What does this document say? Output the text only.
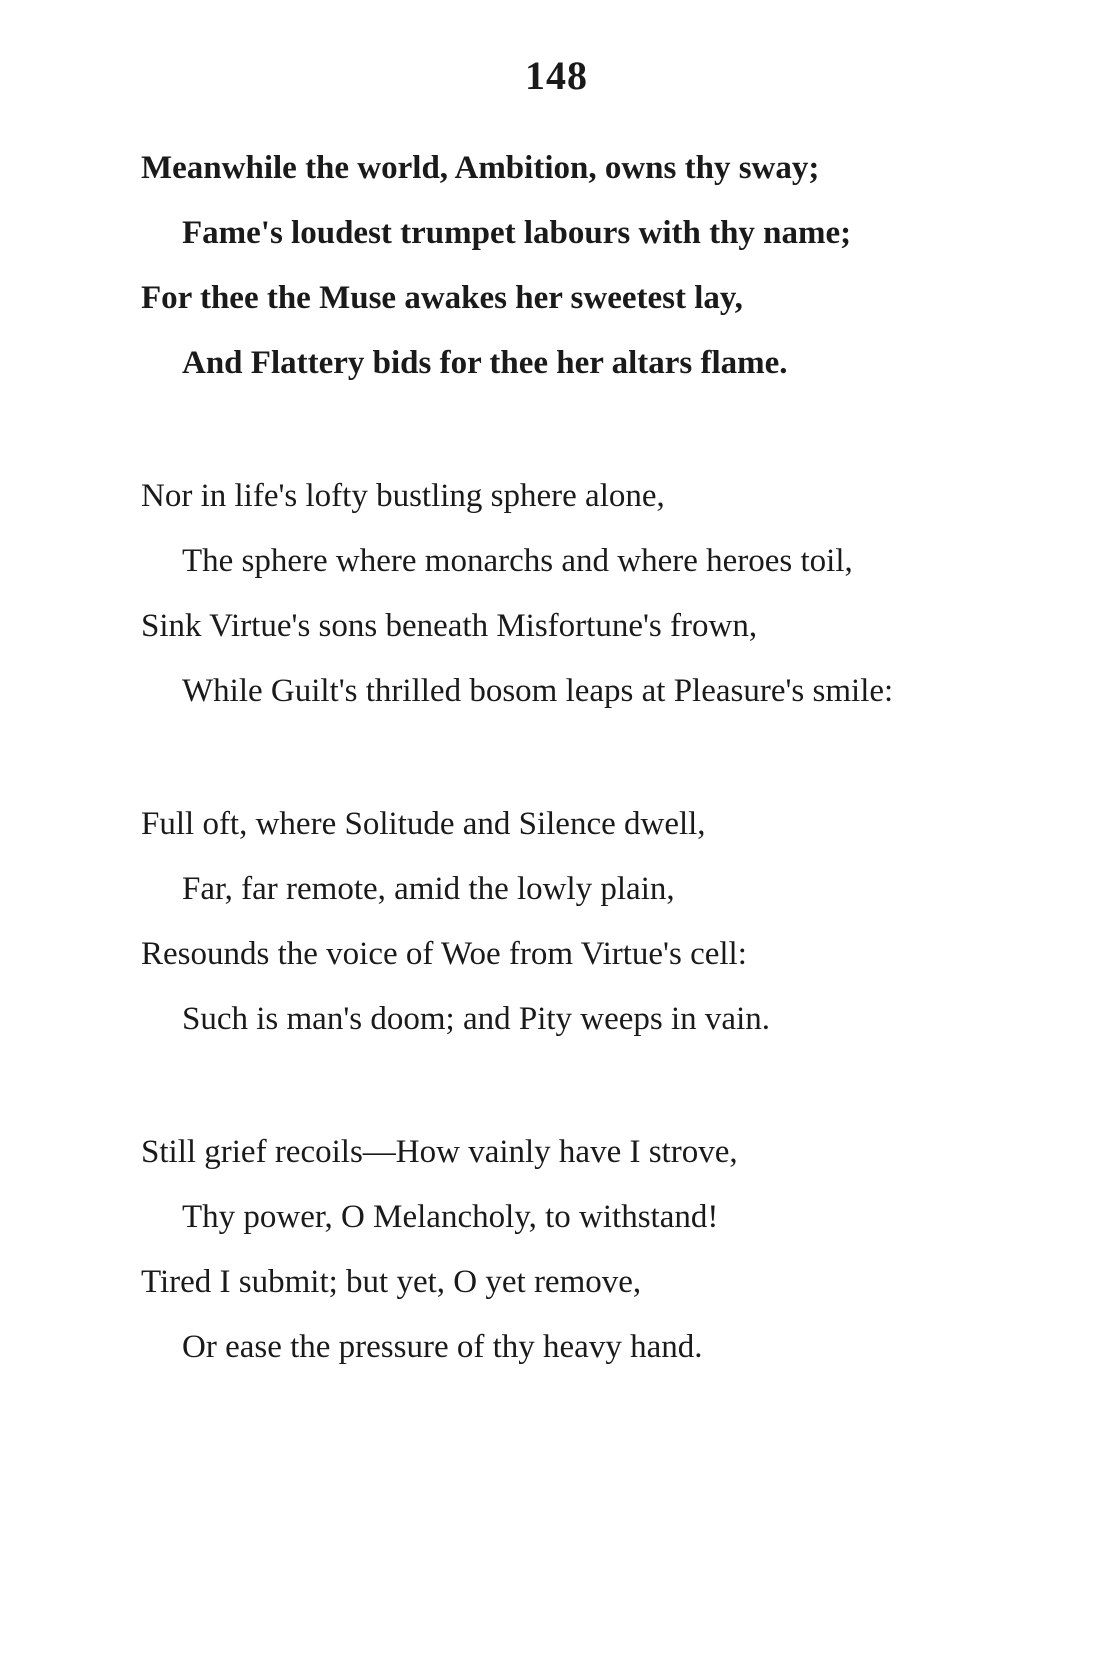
148
Meanwhile the world, Ambition, owns thy sway;
Fame's loudest trumpet labours with thy name;
For thee the Muse awakes her sweetest lay,
And Flattery bids for thee her altars flame.
Nor in life's lofty bustling sphere alone,
The sphere where monarchs and where heroes toil,
Sink Virtue's sons beneath Misfortune's frown,
While Guilt's thrilled bosom leaps at Pleasure's smile:
Full oft, where Solitude and Silence dwell,
Far, far remote, amid the lowly plain,
Resounds the voice of Woe from Virtue's cell:
Such is man's doom; and Pity weeps in vain.
Still grief recoils—How vainly have I strove,
Thy power, O Melancholy, to withstand!
Tired I submit; but yet, O yet remove,
Or ease the pressure of thy heavy hand.
